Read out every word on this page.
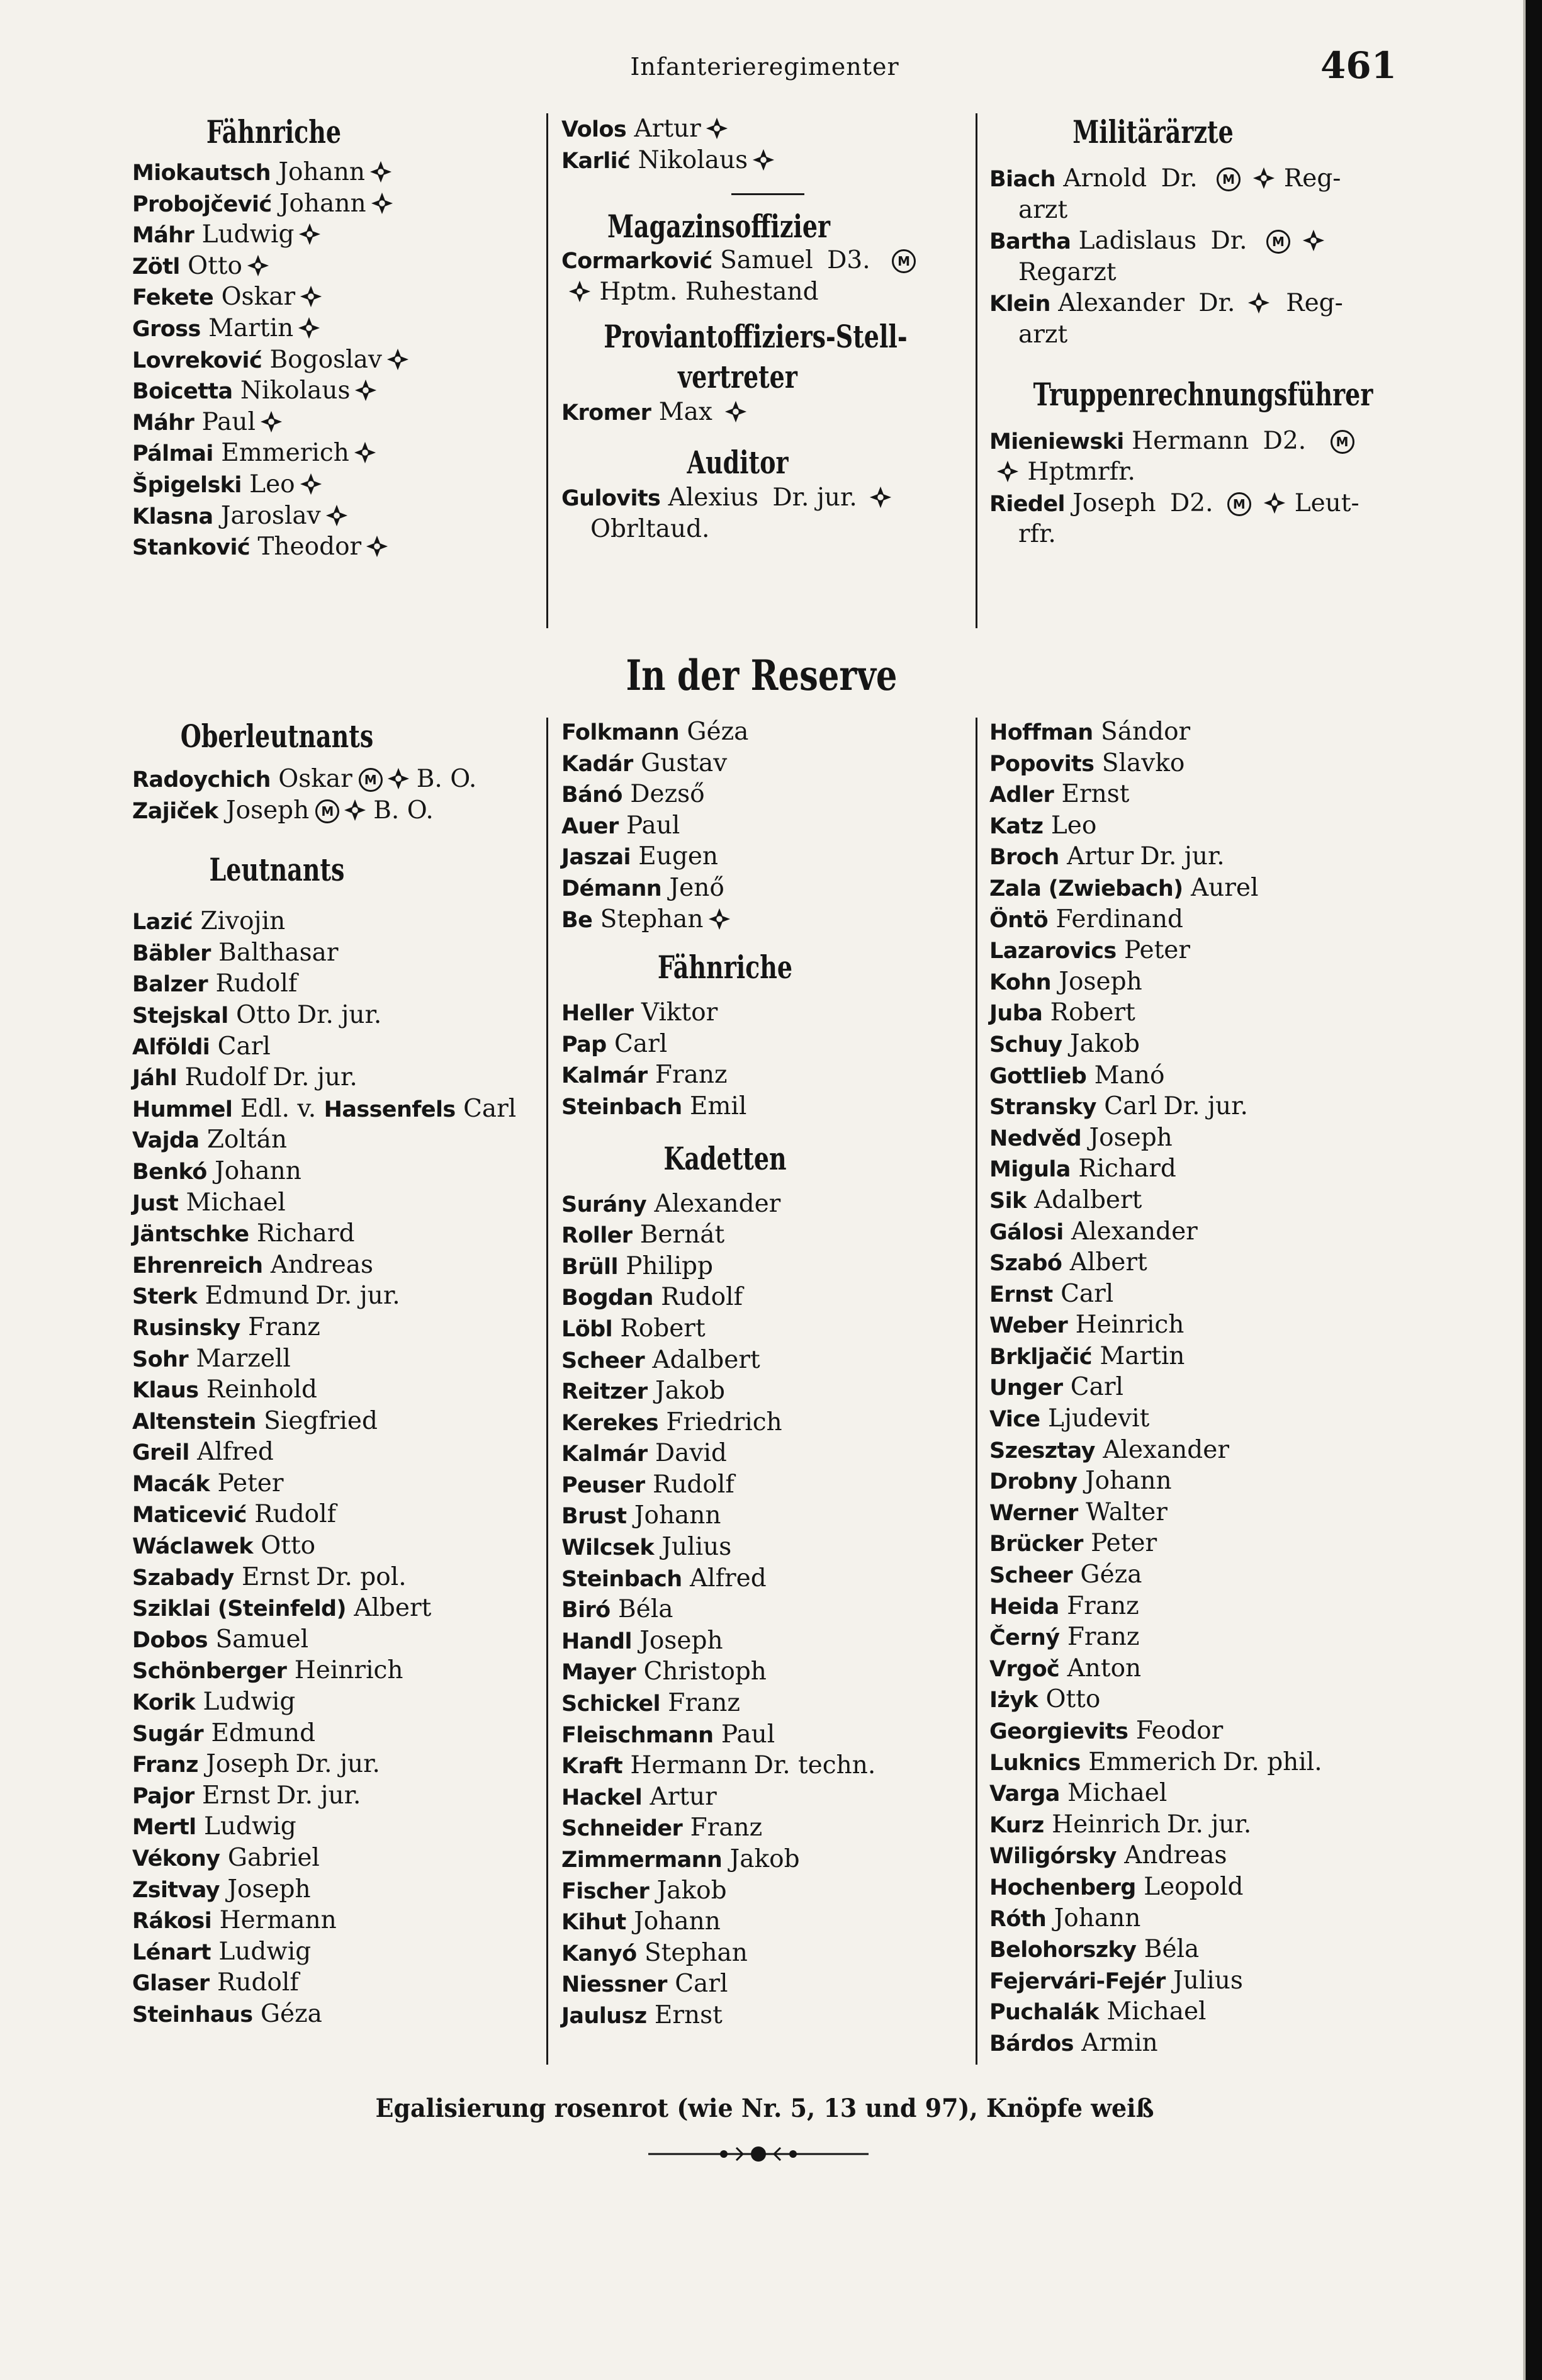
Infanterieregimenter	461
Fähnriche
Miokautsch Johann
Probojčević Johann
Máhr Ludwig
Zötl Otto
Fekete Oskar
Gross Martin
Lovreković Bogoslav
Boicetta Nikolaus
Máhr Paul
Pálmai Emmerich
Špigelski Leo
Klasna Jaroslav
Stanković Theodor
Volos Artur
Karlić Nikolaus
Magazinsoffizier
Cormarković Samuel D3. M
Hptm. Ruhestand
Proviantoffiziers-Stell-
vertreter
Kromer Max
Auditor
Gulovits Alexius Dr. jur.
Obrltaud.
Militärärzte
Biach Arnold Dr. M Reg-
arzt
Bartha Ladislaus Dr. M
Regarzt
Klein Alexander Dr. Reg-
arzt
Truppenrechnungsführer
Mieniewski Hermann D2. M
Hptmrfr.
Riedel Joseph D2. M Leut-
rfr.
In der Reserve
Oberleutnants
Radoychich Oskar M B. O.
Zajiček Joseph M B. O.
Leutnants
Lazić Zivojin
Bäbler Balthasar
Balzer Rudolf
Stejskal Otto Dr. jur.
Alföldi Carl
Jáhl Rudolf Dr. jur.
Hummel Edl. v. Hassenfels Carl
Vajda Zoltán
Benkó Johann
Just Michael
Jäntschke Richard
Ehrenreich Andreas
Sterk Edmund Dr. jur.
Rusinsky Franz
Sohr Marzell
Klaus Reinhold
Altenstein Siegfried
Greil Alfred
Macák Peter
Maticević Rudolf
Wáclawek Otto
Szabady Ernst Dr. pol.
Sziklai (Steinfeld) Albert
Dobos Samuel
Schönberger Heinrich
Korik Ludwig
Sugár Edmund
Franz Joseph Dr. jur.
Pajor Ernst Dr. jur.
Mertl Ludwig
Vékony Gabriel
Zsitvay Joseph
Rákosi Hermann
Lénart Ludwig
Glaser Rudolf
Steinhaus Géza
Folkmann Géza
Kadár Gustav
Bánó Dezső
Auer Paul
Jaszai Eugen
Démann Jenő
Be Stephan
Fähnriche
Heller Viktor
Pap Carl
Kalmár Franz
Steinbach Emil
Kadetten
Surány Alexander
Roller Bernát
Brüll Philipp
Bogdan Rudolf
Löbl Robert
Scheer Adalbert
Reitzer Jakob
Kerekes Friedrich
Kalmár David
Peuser Rudolf
Brust Johann
Wilcsek Julius
Steinbach Alfred
Biró Béla
Handl Joseph
Mayer Christoph
Schickel Franz
Fleischmann Paul
Kraft Hermann Dr. techn.
Hackel Artur
Schneider Franz
Zimmermann Jakob
Fischer Jakob
Kihut Johann
Kanyó Stephan
Niessner Carl
Jaulusz Ernst
Hoffman Sándor
Popovits Slavko
Adler Ernst
Katz Leo
Broch Artur Dr. jur.
Zala (Zwiebach) Aurel
Öntö Ferdinand
Lazarovics Peter
Kohn Joseph
Juba Robert
Schuy Jakob
Gottlieb Manó
Stransky Carl Dr. jur.
Nedvěd Joseph
Migula Richard
Sik Adalbert
Gálosi Alexander
Szabó Albert
Ernst Carl
Weber Heinrich
Brkljačić Martin
Unger Carl
Vice Ljudevit
Szesztay Alexander
Drobny Johann
Werner Walter
Brücker Peter
Scheer Géza
Heida Franz
Černý Franz
Vrgoč Anton
Iżyk Otto
Georgievits Feodor
Luknics Emmerich Dr. phil.
Varga Michael
Kurz Heinrich Dr. jur.
Wiligórsky Andreas
Hochenberg Leopold
Róth Johann
Belohorszky Béla
Fejervári-Fejér Julius
Puchalák Michael
Bárdos Armin
Egalisierung rosenrot (wie Nr. 5, 13 und 97), Knöpfe weiß
